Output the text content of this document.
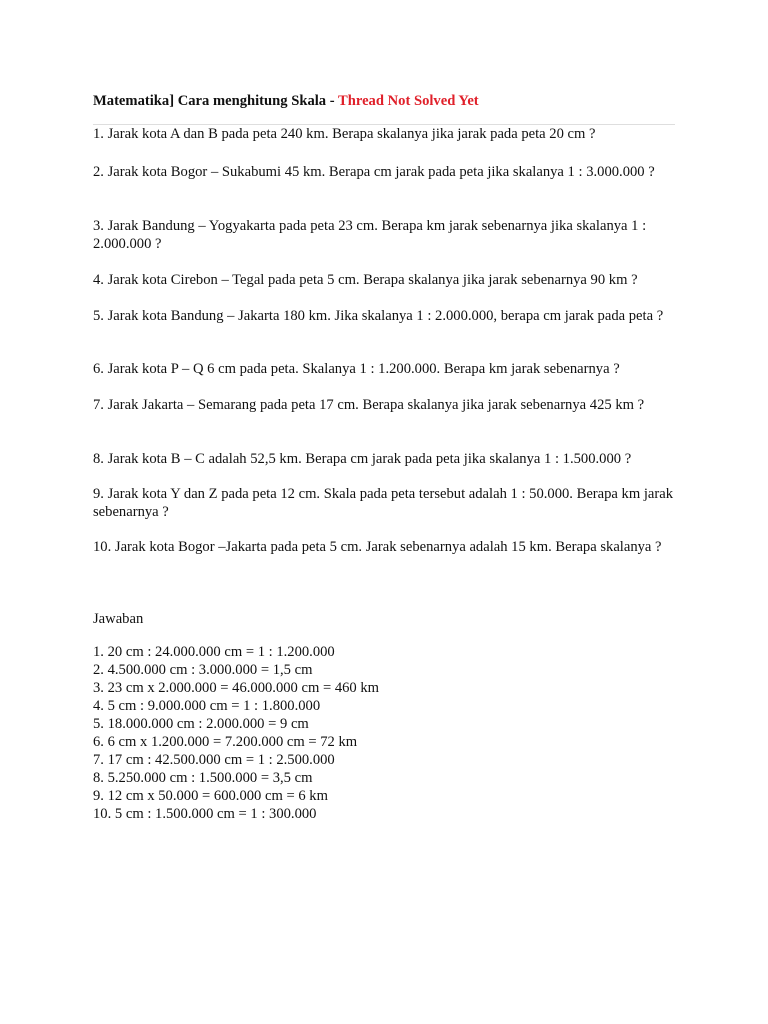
Matematika] Cara menghitung Skala - Thread Not Solved Yet
1. Jarak kota A dan B pada peta 240 km. Berapa skalanya jika jarak pada peta 20 cm ?
2. Jarak kota Bogor – Sukabumi 45 km. Berapa cm jarak pada peta jika skalanya 1 : 3.000.000 ?
3. Jarak Bandung – Yogyakarta pada peta 23 cm. Berapa km jarak sebenarnya jika skalanya 1 : 2.000.000 ?
4. Jarak kota Cirebon – Tegal pada peta 5 cm. Berapa skalanya jika jarak sebenarnya 90 km ?
5. Jarak kota Bandung – Jakarta 180 km. Jika skalanya 1 : 2.000.000, berapa cm jarak pada peta ?
6. Jarak kota P – Q 6 cm pada peta. Skalanya 1 : 1.200.000. Berapa km jarak sebenarnya ?
7. Jarak Jakarta – Semarang pada peta 17 cm. Berapa skalanya jika jarak sebenarnya 425 km ?
8. Jarak kota B – C adalah 52,5 km. Berapa cm jarak pada peta jika skalanya 1 : 1.500.000 ?
9. Jarak kota Y dan Z pada peta 12 cm. Skala pada peta tersebut adalah 1 : 50.000. Berapa km jarak sebenarnya ?
10. Jarak kota Bogor –Jakarta pada peta 5 cm. Jarak sebenarnya adalah 15 km. Berapa skalanya ?
Jawaban
1. 20 cm : 24.000.000 cm = 1 : 1.200.000
2. 4.500.000 cm : 3.000.000 = 1,5 cm
3. 23 cm x 2.000.000 = 46.000.000 cm = 460 km
4. 5 cm : 9.000.000 cm = 1 : 1.800.000
5. 18.000.000 cm : 2.000.000 = 9 cm
6. 6 cm x 1.200.000 = 7.200.000 cm = 72 km
7. 17 cm : 42.500.000 cm = 1 : 2.500.000
8. 5.250.000 cm : 1.500.000 = 3,5 cm
9. 12 cm x 50.000 = 600.000 cm = 6 km
10. 5 cm : 1.500.000 cm = 1 : 300.000
